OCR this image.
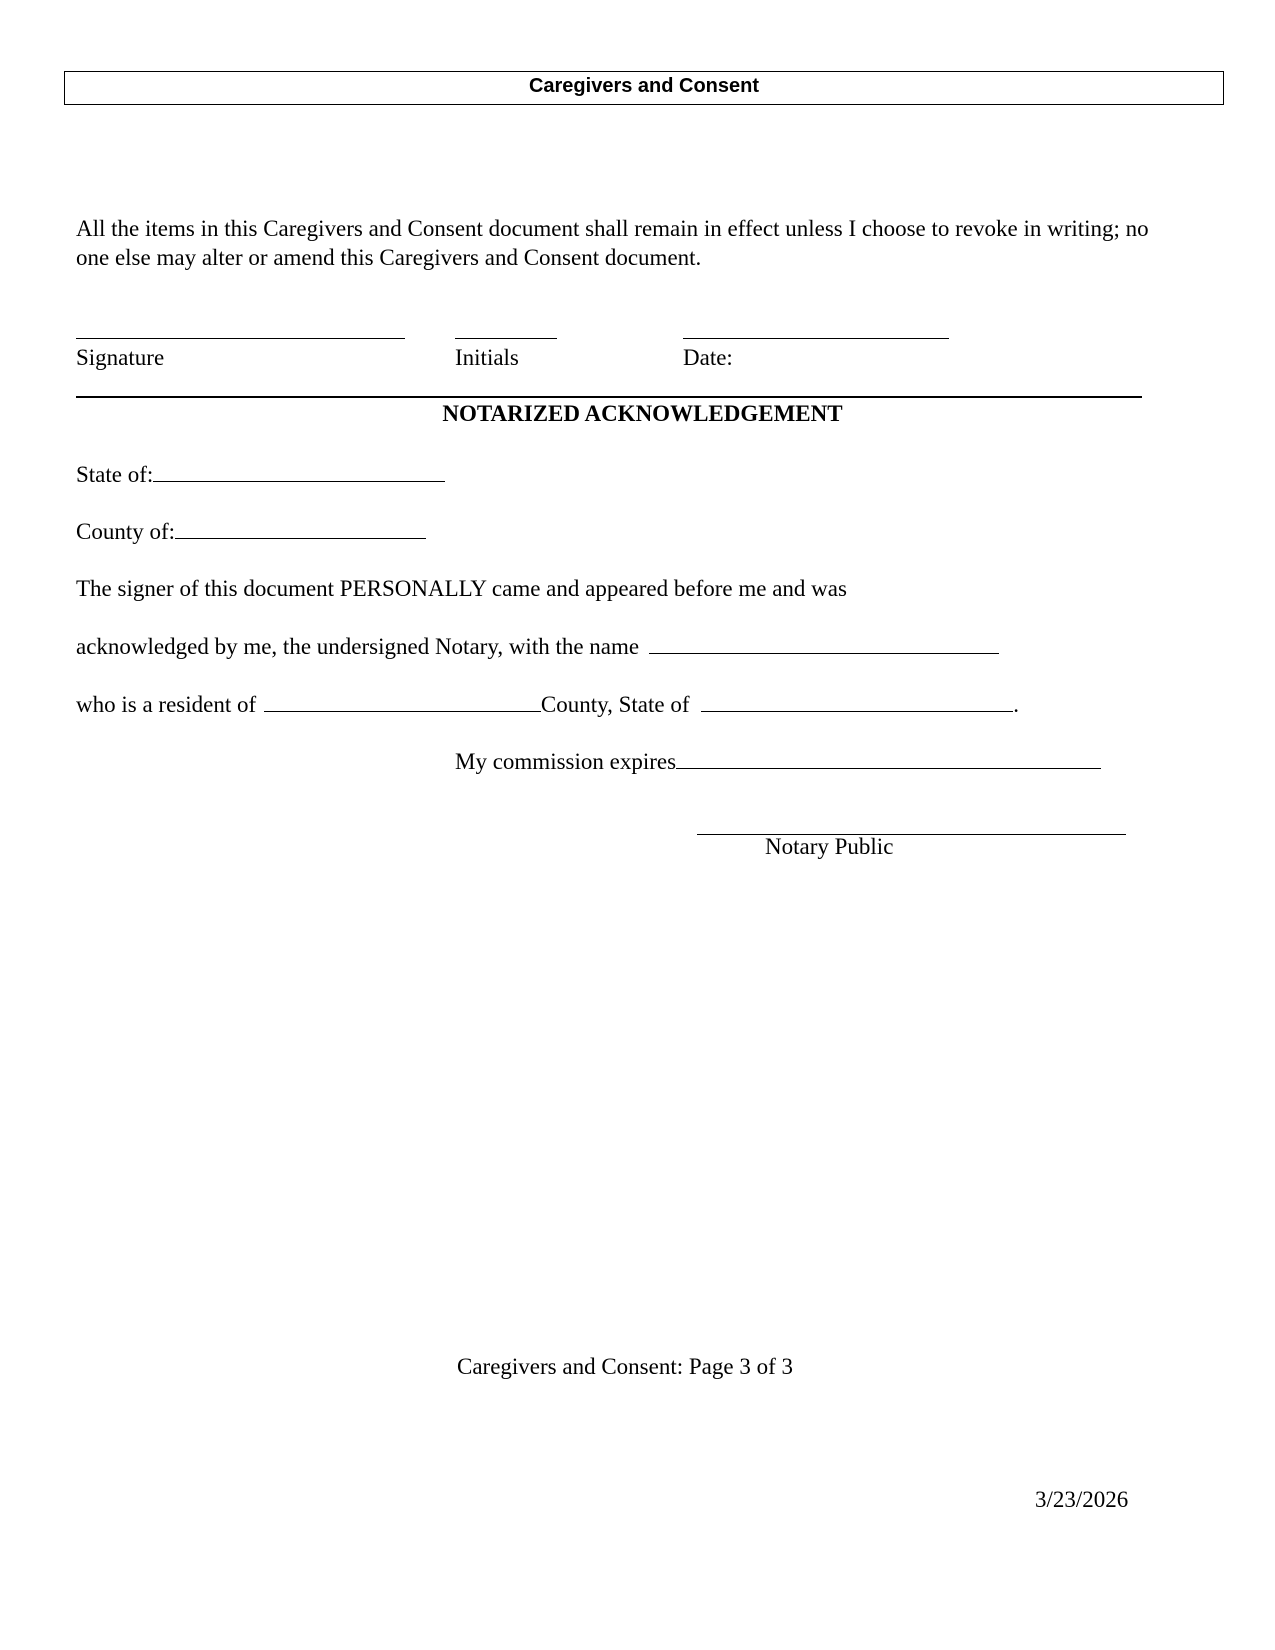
Caregivers and Consent
All the items in this Caregivers and Consent document shall remain in effect unless I choose to revoke in writing; no one else may alter or amend this Caregivers and Consent document.
Signature	Initials	Date:
NOTARIZED ACKNOWLEDGEMENT
State of:
County of:
The signer of this document PERSONALLY came and appeared before me and was
acknowledged by me, the undersigned Notary, with the name
who is a resident of	County, State of	.
My commission expires
Notary Public
Caregivers and Consent: Page 3 of 3
3/23/2026
